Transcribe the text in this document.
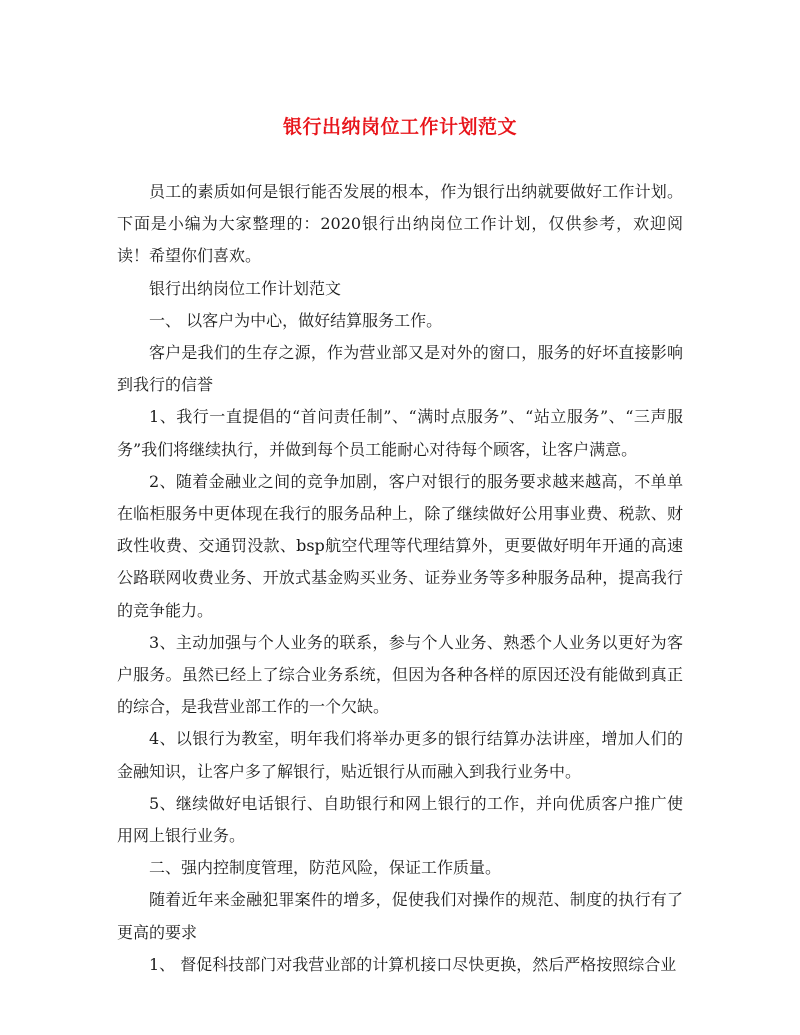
银行出纳岗位工作计划范文

员工的素质如何是银行能否发展的根本，作为银行出纳就要做好工作计划。下面是小编为大家整理的：2020银行出纳岗位工作计划，仅供参考，欢迎阅读！希望你们喜欢。

银行出纳岗位工作计划范文

一、 以客户为中心，做好结算服务工作。

客户是我们的生存之源，作为营业部又是对外的窗口，服务的好坏直接影响到我行的信誉

1、我行一直提倡的“首问责任制”、“满时点服务”、“站立服务”、“三声服务”我们将继续执行，并做到每个员工能耐心对待每个顾客，让客户满意。

2、随着金融业之间的竞争加剧，客户对银行的服务要求越来越高，不单单在临柜服务中更体现在我行的服务品种上，除了继续做好公用事业费、税款、财政性收费、交通罚没款、bsp航空代理等代理结算外，更要做好明年开通的高速公路联网收费业务、开放式基金购买业务、证券业务等多种服务品种，提高我行的竞争能力。

3、主动加强与个人业务的联系，参与个人业务、熟悉个人业务以更好为客户服务。虽然已经上了综合业务系统，但因为各种各样的原因还没有能做到真正的综合，是我营业部工作的一个欠缺。

4、以银行为教室，明年我们将举办更多的银行结算办法讲座，增加人们的金融知识，让客户多了解银行，贴近银行从而融入到我行业务中。

5、继续做好电话银行、自助银行和网上银行的工作，并向优质客户推广使用网上银行业务。

二、强内控制度管理，防范风险，保证工作质量。

随着近年来金融犯罪案件的增多，促使我们对操作的规范、制度的执行有了更高的要求

1、 督促科技部门对我营业部的计算机接口尽快更换，然后严格按照综合业
